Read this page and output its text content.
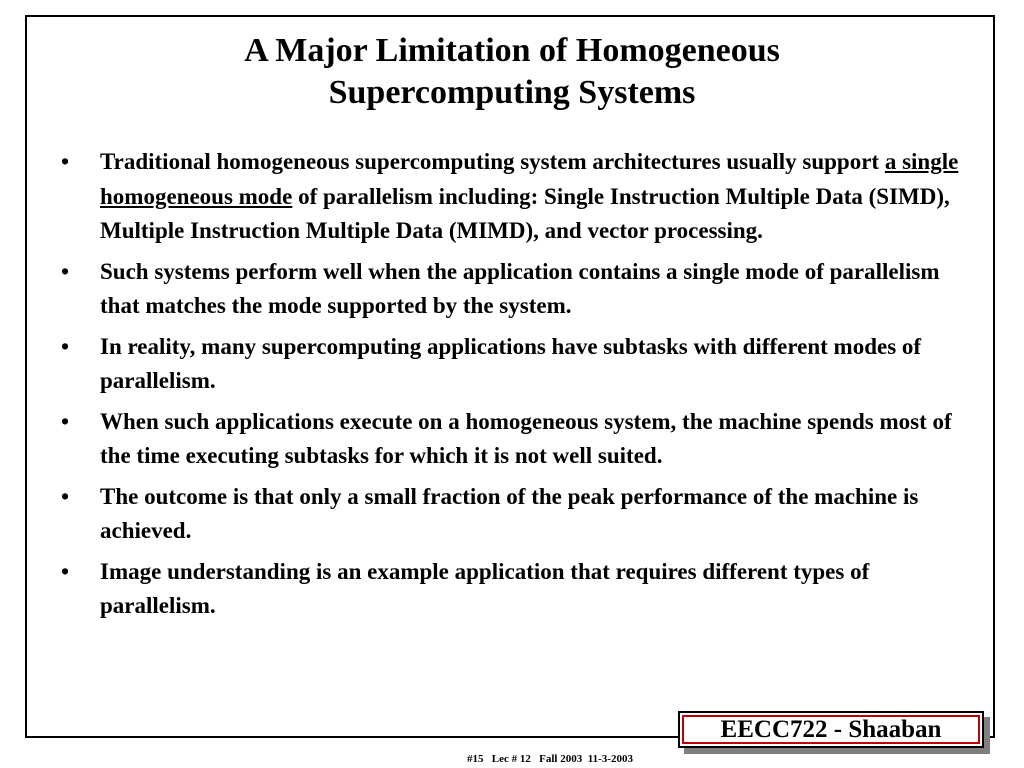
A Major Limitation of Homogeneous
Supercomputing Systems
• Traditional homogeneous supercomputing system architectures usually support a single homogeneous mode of parallelism including: Single Instruction Multiple Data (SIMD), Multiple Instruction Multiple Data (MIMD), and vector processing.
• Such systems perform well when the application contains a single mode of parallelism that matches the mode supported by the system.
• In reality, many supercomputing applications have subtasks with different modes of parallelism.
• When such applications execute on a homogeneous system, the machine spends most of the time executing subtasks for which it is not well suited.
• The outcome is that only a small fraction of the peak performance of the machine is achieved.
• Image understanding is an example application that requires different types of parallelism.
EECC722 - Shaaban
#15   Lec # 12   Fall 2003  11-3-2003
